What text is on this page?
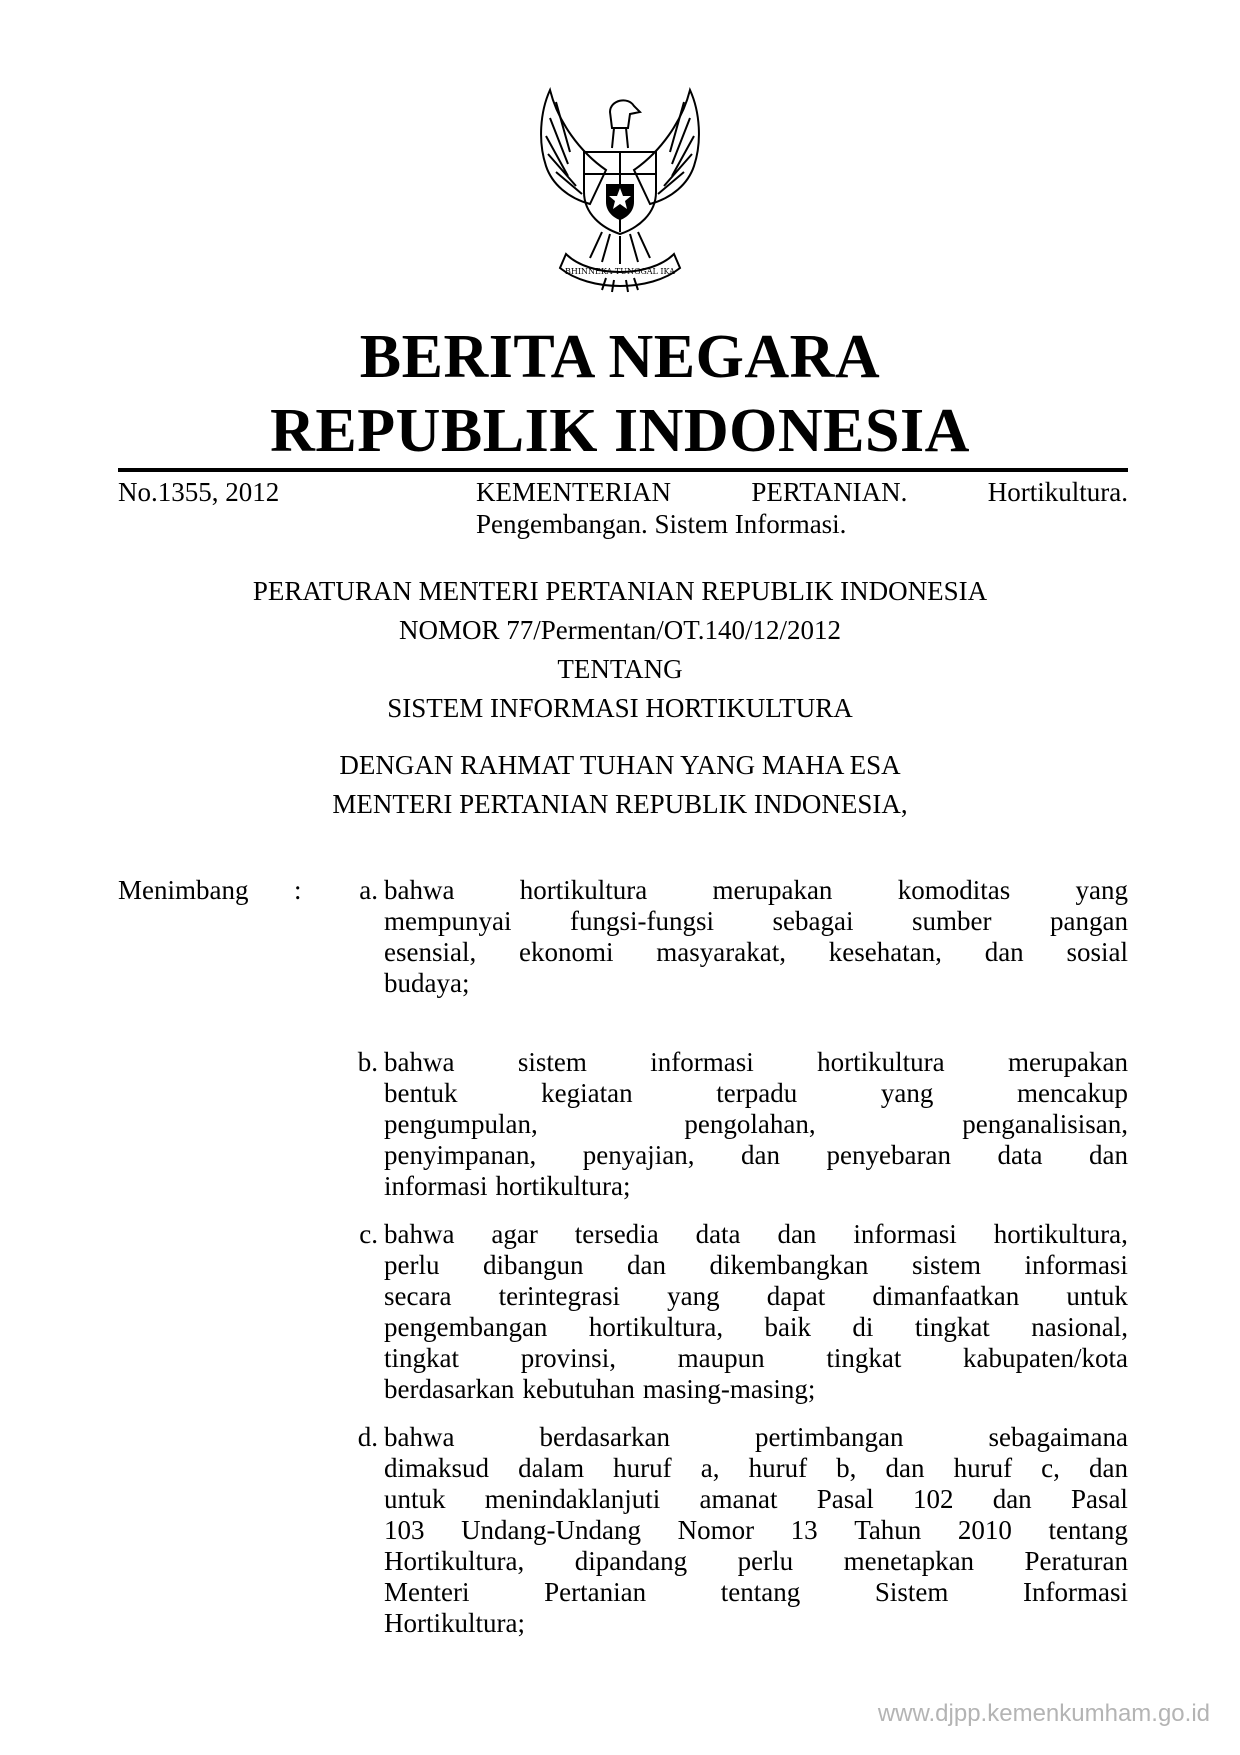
BHINNEKA TUNGGAL IKA
BERITA NEGARA
REPUBLIK INDONESIA
No.1355, 2012	KEMENTERIAN	PERTANIAN.	Hortikultura.
Pengembangan. Sistem Informasi.
PERATURAN MENTERI PERTANIAN REPUBLIK INDONESIA
NOMOR 77/Permentan/OT.140/12/2012
TENTANG
SISTEM INFORMASI HORTIKULTURA
DENGAN RAHMAT TUHAN YANG MAHA ESA
MENTERI PERTANIAN REPUBLIK INDONESIA,
Menimbang :	a. bahwa hortikultura merupakan komoditas yang
mempunyai fungsi-fungsi sebagai sumber pangan
esensial, ekonomi masyarakat, kesehatan, dan sosial
budaya;
b. bahwa sistem informasi hortikultura merupakan
bentuk	kegiatan	terpadu	yang	mencakup
pengumpulan,	pengolahan,	penganalisisan,
penyimpanan, penyajian, dan penyebaran data dan
informasi hortikultura;
c. bahwa agar tersedia data dan informasi hortikultura,
perlu dibangun dan dikembangkan sistem informasi
secara terintegrasi yang dapat dimanfaatkan untuk
pengembangan hortikultura, baik di tingkat nasional,
tingkat provinsi, maupun tingkat kabupaten/kota
berdasarkan kebutuhan masing-masing;
d. bahwa	berdasarkan	pertimbangan	sebagaimana
dimaksud dalam huruf a, huruf b, dan huruf c, dan
untuk menindaklanjuti amanat Pasal 102 dan Pasal
103 Undang-Undang Nomor 13 Tahun 2010 tentang
Hortikultura, dipandang perlu menetapkan Peraturan
Menteri	Pertanian	tentang	Sistem	Informasi
Hortikultura;
www.djpp.kemenkumham.go.id
